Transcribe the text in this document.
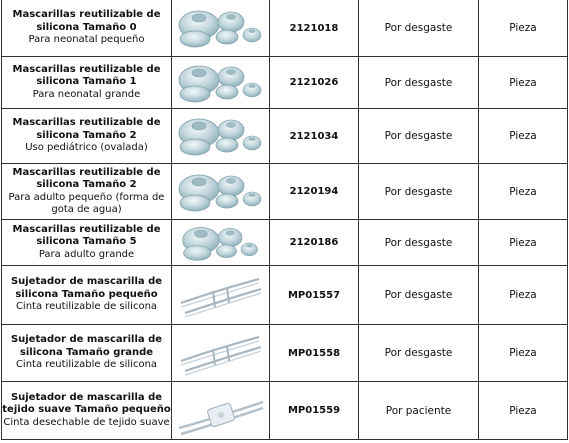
Mascarillas reutilizable de silicona Tamaño 0
Para neonatal pequeño		2121018	Por desgaste	Pieza

Mascarillas reutilizable de silicona Tamaño 1
Para neonatal grande		2121026	Por desgaste	Pieza

Mascarillas reutilizable de silicona Tamaño 2
Uso pediátrico (ovalada)		2121034	Por desgaste	Pieza

Mascarillas reutilizable de silicona Tamaño 2
Para adulto pequeño (forma de gota de agua)		2120194	Por desgaste	Pieza

Mascarillas reutilizable de silicona Tamaño 5
Para adulto grande		2120186	Por desgaste	Pieza

Sujetador de mascarilla de silicona Tamaño pequeño
Cinta reutilizable de silicona		MP01557	Por desgaste	Pieza

Sujetador de mascarilla de silicona Tamaño grande
Cinta reutilizable de silicona		MP01558	Por desgaste	Pieza

Sujetador de mascarilla de tejido suave Tamaño pequeño
Cinta desechable de tejido suave		MP01559	Por paciente	Pieza
